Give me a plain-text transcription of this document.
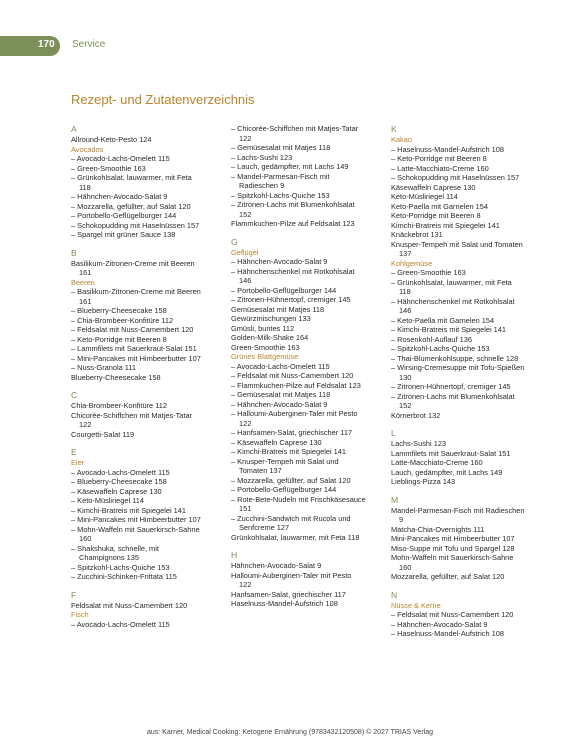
170 Service
Rezept- und Zutatenverzeichnis
A
Allround-Keto-Pesto 124
Avocados
– Avocado-Lachs-Omelett 115
– Green-Smoothie 163
– Grünkohlsalat, lauwarmer, mit Feta
118
– Hähnchen-Avocado-Salat 9
– Mozzarella, gefüllter, auf Salat 120
– Portobello-Geflügelburger 144
– Schokopudding mit Haselnüssen 157
– Spargel mit grüner Sauce 138
B
Basilikum-Zitronen-Creme mit Beeren
161
Beeren
– Basilikum-Zitronen-Creme mit Beeren
161
– Blueberry-Cheesecake 158
– Chia-Brombeer-Konfitüre 112
– Feldsalat mit Nuss-Camembert 120
– Keto-Porridge mit Beeren 8
– Lammfilets mit Sauerkraut-Salat 151
– Mini-Pancakes mit Himbeerbutter 107
– Nuss-Granola 111
Blueberry-Cheesecake 158
C
Chia-Brombeer-Konfitüre 112
Chicorée-Schiffchen mit Matjes-Tatar
122
Courgetti-Salat 119
E
Eier
– Avocado-Lachs-Omelett 115
– Blueberry-Cheesecake 158
– Käsewaffeln Caprese 130
– Keto-Müsliriegel 114
– Kimchi-Bratreis mit Spiegelei 141
– Mini-Pancakes mit Himbeerbutter 107
– Mohn-Waffeln mit Sauerkirsch-Sahne
160
– Shakshuka, schnelle, mit
Champignons 135
– Spitzkohl-Lachs-Quiche 153
– Zucchini-Schinken-Frittata 115
F
Feldsalat mit Nuss-Camembert 120
Fisch
– Avocado-Lachs-Omelett 115
– Chicorée-Schiffchen mit Matjes-Tatar
122
– Gemüsesalat mit Matjes 118
– Lachs-Sushi 123
– Lauch, gedämpfter, mit Lachs 149
– Mandel-Parmesan-Fisch mit
Radieschen 9
– Spitzkohl-Lachs-Quiche 153
– Zitronen-Lachs mit Blumenkohlsalat
152
Flammkuchen-Pilze auf Feldsalat 123
G
Geflügel
– Hähnchen-Avocado-Salat 9
– Hähnchenschenkel mit Rotkohlsalat
146
– Portobello-Geflügelburger 144
– Zitronen-Hühnertopf, cremiger 145
Gemüsesalat mit Matjes 118
Gewürzmischungen 133
Gmüsli, buntes 112
Golden-Milk-Shake 164
Green-Smoothie 163
Grünes Blattgemüse
– Avocado-Lachs-Omelett 115
– Feldsalat mit Nuss-Camembert 120
– Flammkuchen-Pilze auf Feldsalat 123
– Gemüsesalat mit Matjes 118
– Hähnchen-Avocado-Salat 9
– Halloumi-Auberginen-Taler mit Pesto
122
– Hanfsamen-Salat, griechischer 117
– Käsewaffeln Caprese 130
– Kimchi-Bratreis mit Spiegelei 141
– Knusper-Tempeh mit Salat und
Tomaten 137
– Mozzarella, gefüllter, auf Salat 120
– Portobello-Geflügelburger 144
– Rote-Bete-Nudeln mit Frischkäsesauce
151
– Zucchini-Sandwich mit Rucola und
Senfcreme 127
Grünkohlsalat, lauwarmer, mit Feta 118
H
Hähnchen-Avocado-Salat 9
Halloumi-Auberginen-Taler mit Pesto
122
Hanfsamen-Salat, griechischer 117
Haselnuss-Mandel-Aufstrich 108
K
Kakao
– Haselnuss-Mandel-Aufstrich 108
– Keto-Porridge mit Beeren 8
– Latte-Macchiato-Creme 160
– Schokopudding mit Haselnüssen 157
Käsewaffeln Caprese 130
Keto-Müsliriegel 114
Keto-Paella mit Garnelen 154
Keto-Porridge mit Beeren 8
Kimchi-Bratreis mit Spiegelei 141
Knäckebrot 131
Knusper-Tempeh mit Salat und Tomaten
137
Kohlgemüse
– Green-Smoothie 163
– Grünkohlsalat, lauwarmer, mit Feta
118
– Hähnchenschenkel mit Rotkohlsalat
146
– Keto-Paella mit Garnelen 154
– Kimchi-Bratreis mit Spiegelei 141
– Rosenkohl-Auflauf 136
– Spitzkohl-Lachs-Quiche 153
– Thai-Blumenkohlsuppe, schnelle 128
– Wirsing-Cremesuppe mit Tofu-Spießen
130
– Zitronen-Hühnertopf, cremiger 145
– Zitronen-Lachs mit Blumenkohlsalat
152
Körnerbrot 132
L
Lachs-Sushi 123
Lammfilets mit Sauerkraut-Salat 151
Latte-Macchiato-Creme 160
Lauch, gedämpfter, mit Lachs 149
Lieblings-Pizza 143
M
Mandel-Parmesan-Fisch mit Radieschen
9
Matcha-Chia-Overnights 111
Mini-Pancakes mit Himbeerbutter 107
Miso-Suppe mit Tofu und Spargel 128
Mohn-Waffeln mit Sauerkirsch-Sahne
160
Mozzarella, gefüllter, auf Salat 120
N
Nüsse & Kerne
– Feldsalat mit Nuss-Camembert 120
– Hähnchen-Avocado-Salat 9
– Haselnuss-Mandel-Aufstrich 108
aus: Karner, Medical Cooking: Ketogene Ernährung (9783432120508) © 2027 TRIAS Verlag
